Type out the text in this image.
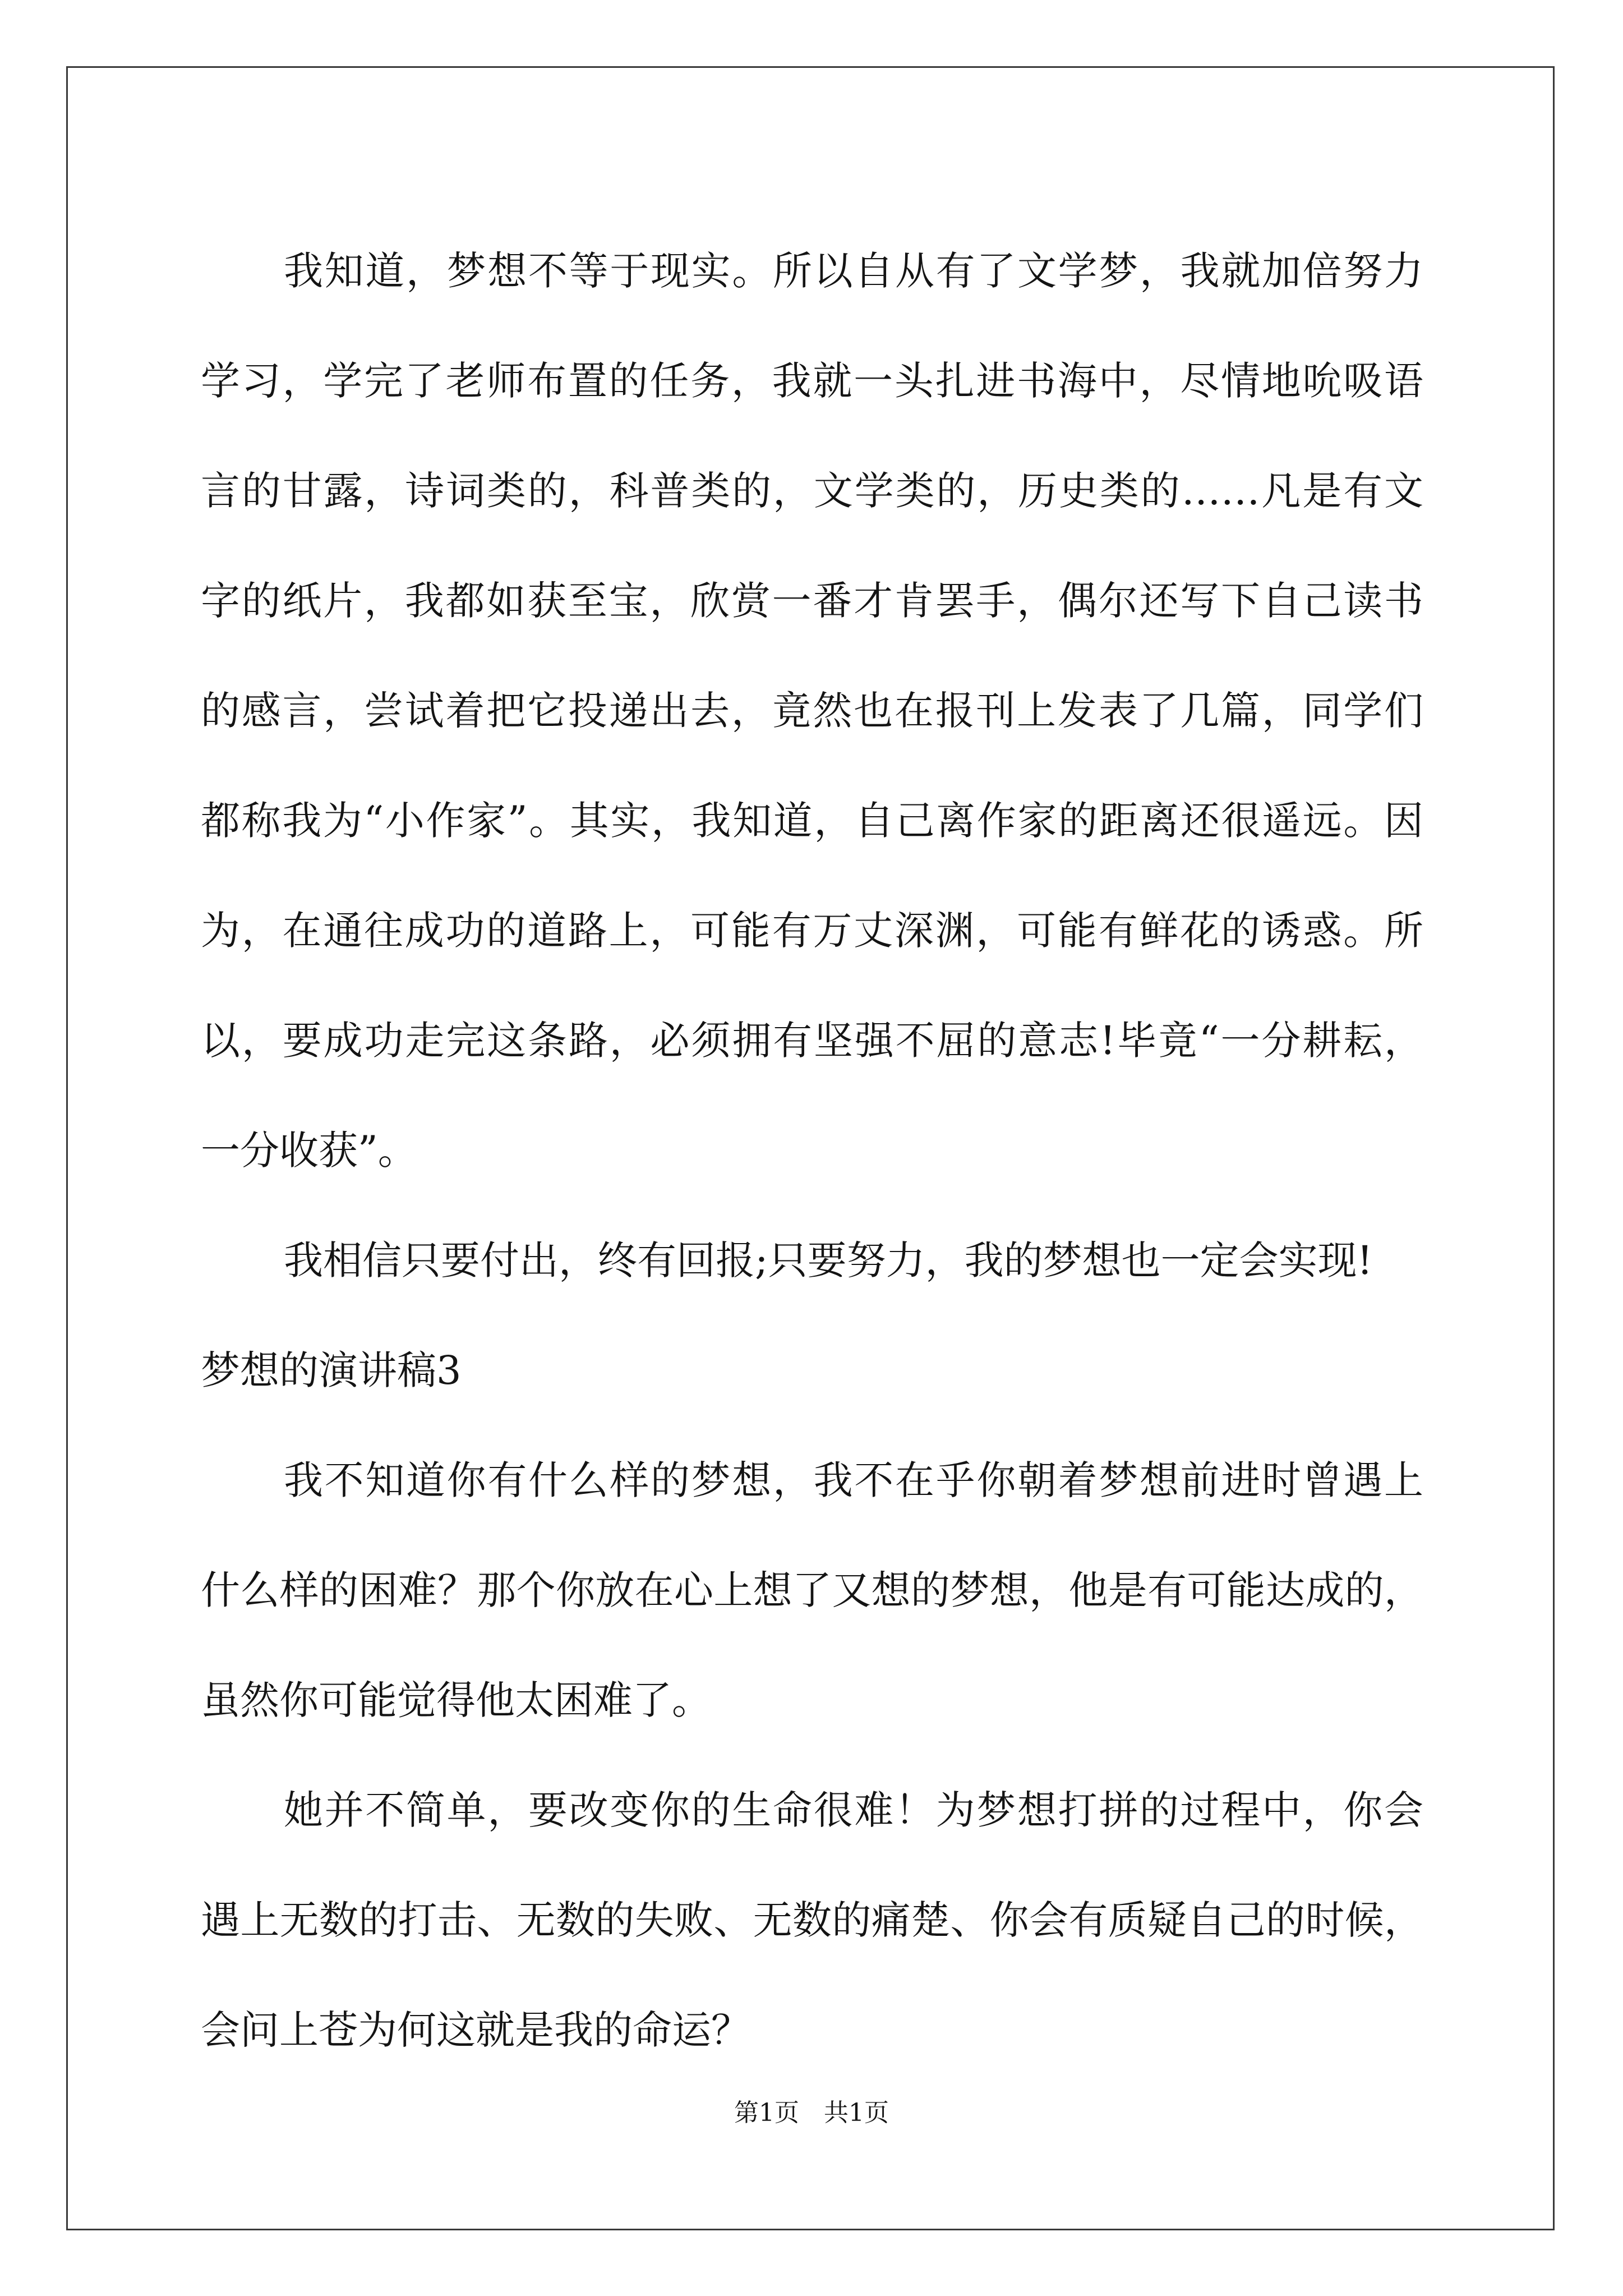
我知道，梦想不等于现实。所以自从有了文学梦，我就加倍努力
学习，学完了老师布置的任务，我就一头扎进书海中，尽情地吮吸语
言的甘露，诗词类的，科普类的，文学类的，历史类的……凡是有文
字的纸片，我都如获至宝，欣赏一番才肯罢手，偶尔还写下自己读书
的感言，尝试着把它投递出去，竟然也在报刊上发表了几篇，同学们
都称我为“小作家”。其实，我知道，自己离作家的距离还很遥远。因
为，在通往成功的道路上，可能有万丈深渊，可能有鲜花的诱惑。所
以，要成功走完这条路，必须拥有坚强不屈的意志!毕竟“一分耕耘，
一分收获”。
我相信只要付出，终有回报;只要努力，我的梦想也一定会实现!
梦想的演讲稿3
我不知道你有什么样的梦想，我不在乎你朝着梦想前进时曾遇上
什么样的困难？那个你放在心上想了又想的梦想，他是有可能达成的，
虽然你可能觉得他太困难了。
她并不简单，要改变你的生命很难！为梦想打拼的过程中，你会
遇上无数的打击、无数的失败、无数的痛楚、你会有质疑自己的时候，
会问上苍为何这就是我的命运？
第1页　共1页
